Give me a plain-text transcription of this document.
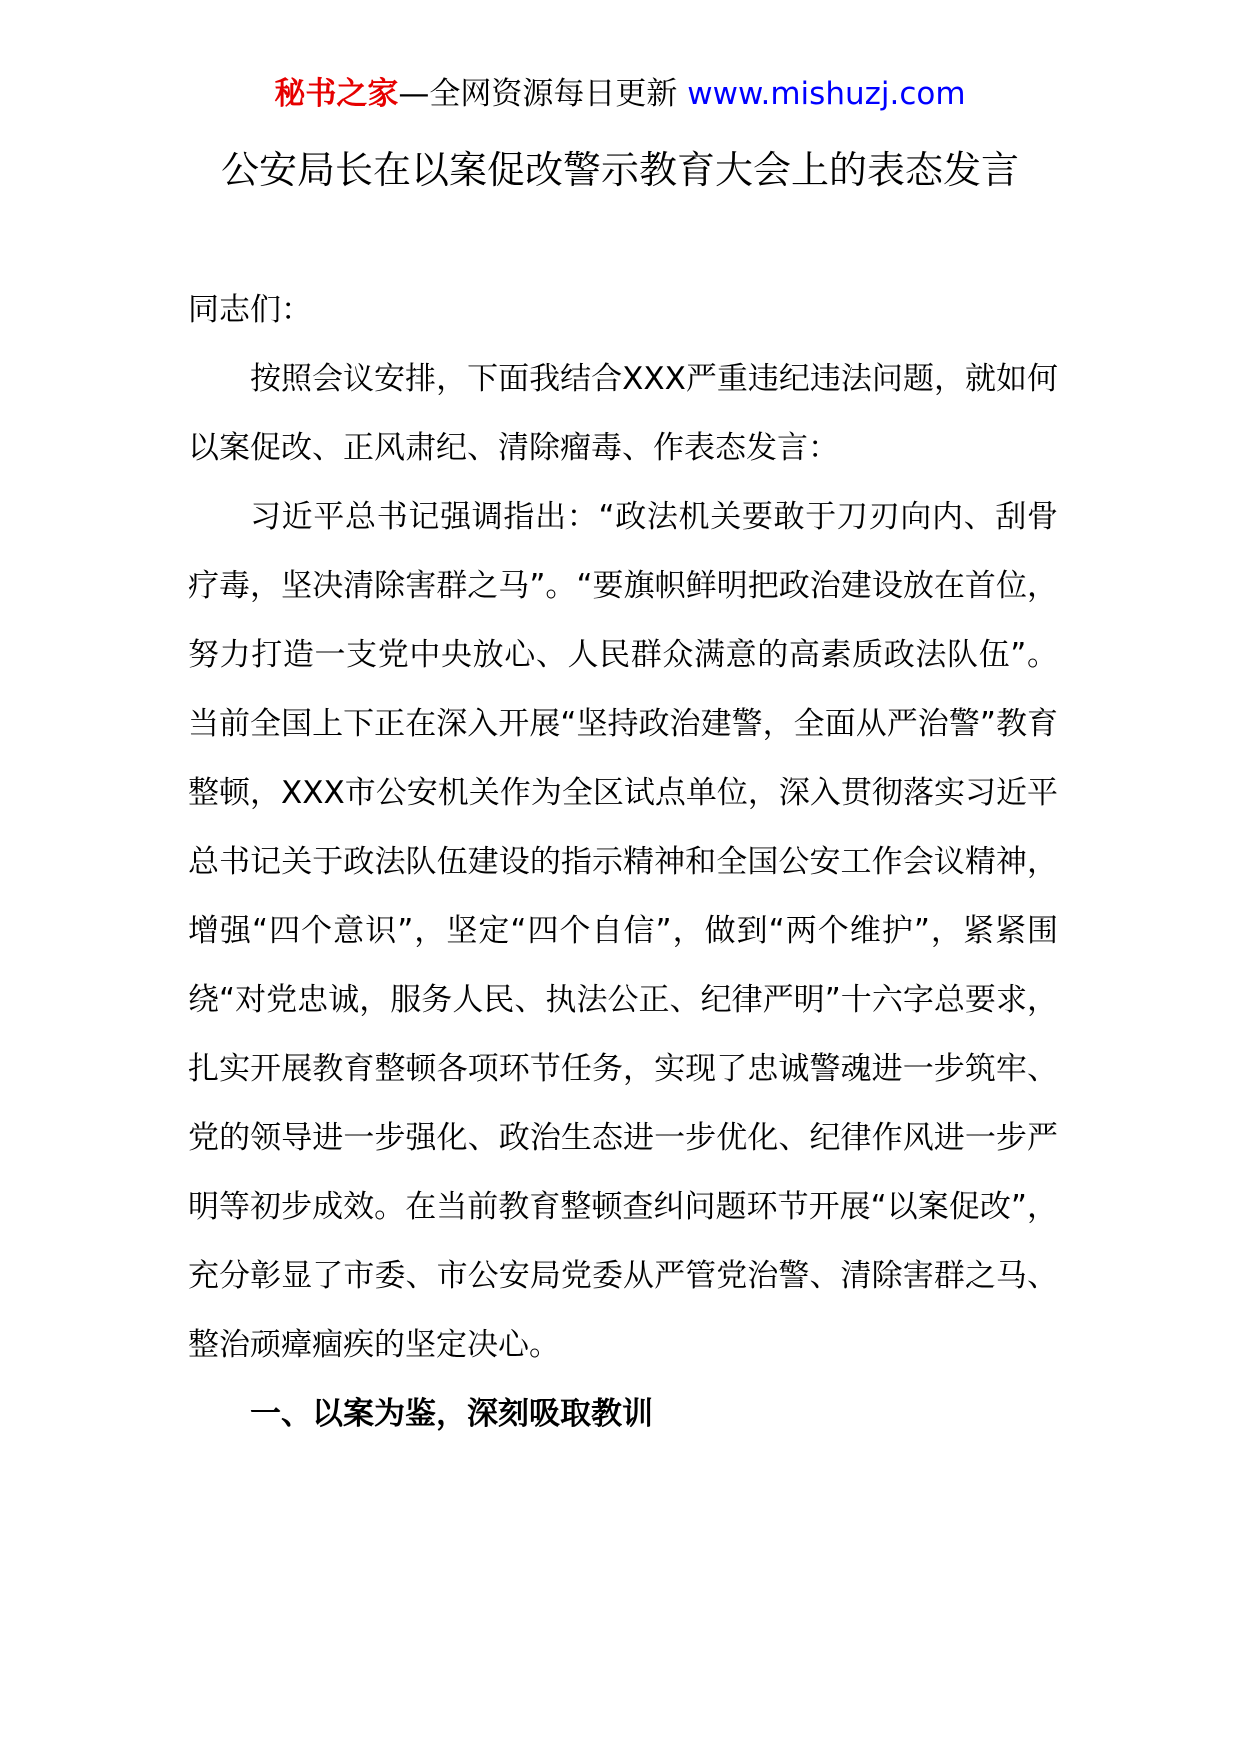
秘书之家—全网资源每日更新 www.mishuzj.com
公安局长在以案促改警示教育大会上的表态发言

同志们：

按照会议安排，下面我结合XXX严重违纪违法问题，就如何以案促改、正风肃纪、清除瘤毒、作表态发言：

习近平总书记强调指出：“政法机关要敢于刀刃向内、刮骨疗毒，坚决清除害群之马”。“要旗帜鲜明把政治建设放在首位，努力打造一支党中央放心、人民群众满意的高素质政法队伍”。当前全国上下正在深入开展“坚持政治建警，全面从严治警”教育整顿，XXX市公安机关作为全区试点单位，深入贯彻落实习近平总书记关于政法队伍建设的指示精神和全国公安工作会议精神，增强“四个意识”，坚定“四个自信”，做到“两个维护”，紧紧围绕“对党忠诚，服务人民、执法公正、纪律严明”十六字总要求，扎实开展教育整顿各项环节任务，实现了忠诚警魂进一步筑牢、党的领导进一步强化、政治生态进一步优化、纪律作风进一步严明等初步成效。在当前教育整顿查纠问题环节开展“以案促改”，充分彰显了市委、市公安局党委从严管党治警、清除害群之马、整治顽瘴痼疾的坚定决心。

一、以案为鉴，深刻吸取教训
